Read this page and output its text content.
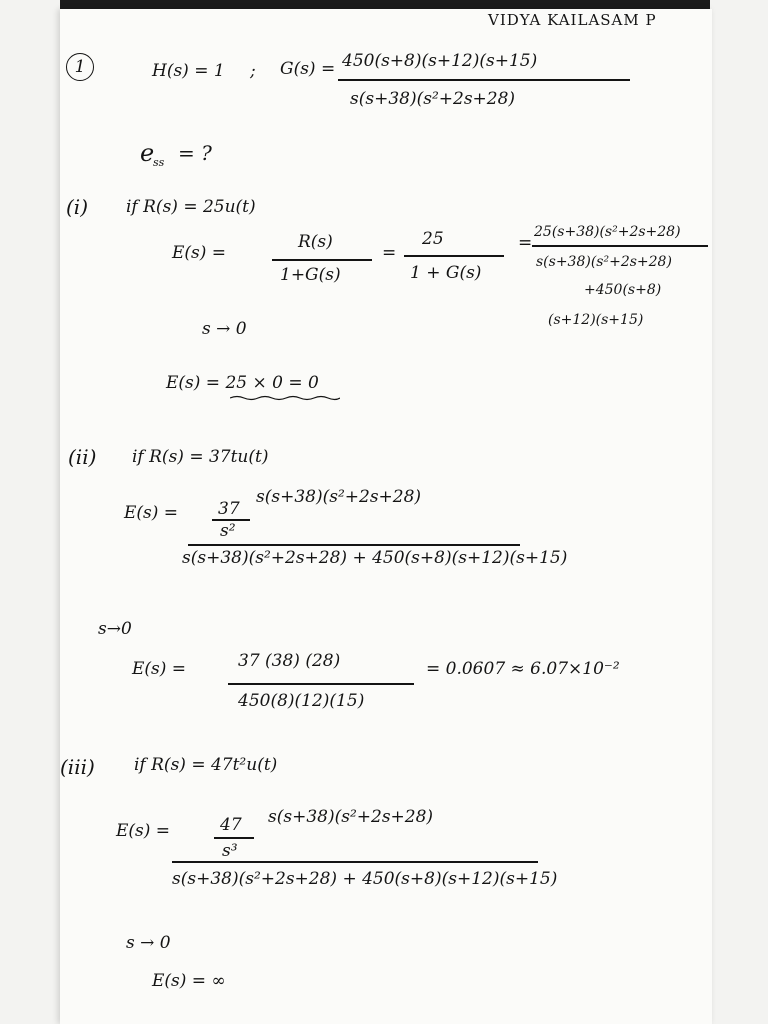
VIDYA KAILASAM P
1	H(s) = 1 ; G(s) = 450(s+8)(s+12)(s+15)
s(s+38)(s²+2s+28)
e
ss = ?
(i) if R(s) = 25u(t)
E(s) =
R(s)
1+G(s)
=
25
1 + G(s)
=
25(s+38)(s²+2s+28)
s(s+38)(s²+2s+28)
+450(s+8)
(s+12)(s+15)
s → 0
E(s) = 25 × 0 = 0
(ii) if R(s) = 37tu(t)
E(s) = 37
s²
s(s+38)(s²+2s+28)
s(s+38)(s²+2s+28) + 450(s+8)(s+12)(s+15)
s→0
E(s) =	37 (38) (28)
450(8)(12)(15)
= 0.0607 ≈ 6.07×10⁻²
(iii) if R(s) = 47t²u(t)
E(s) =	47
s³
s(s+38)(s²+2s+28)
s(s+38)(s²+2s+28) + 450(s+8)(s+12)(s+15)
s → 0
E(s) = ∞
